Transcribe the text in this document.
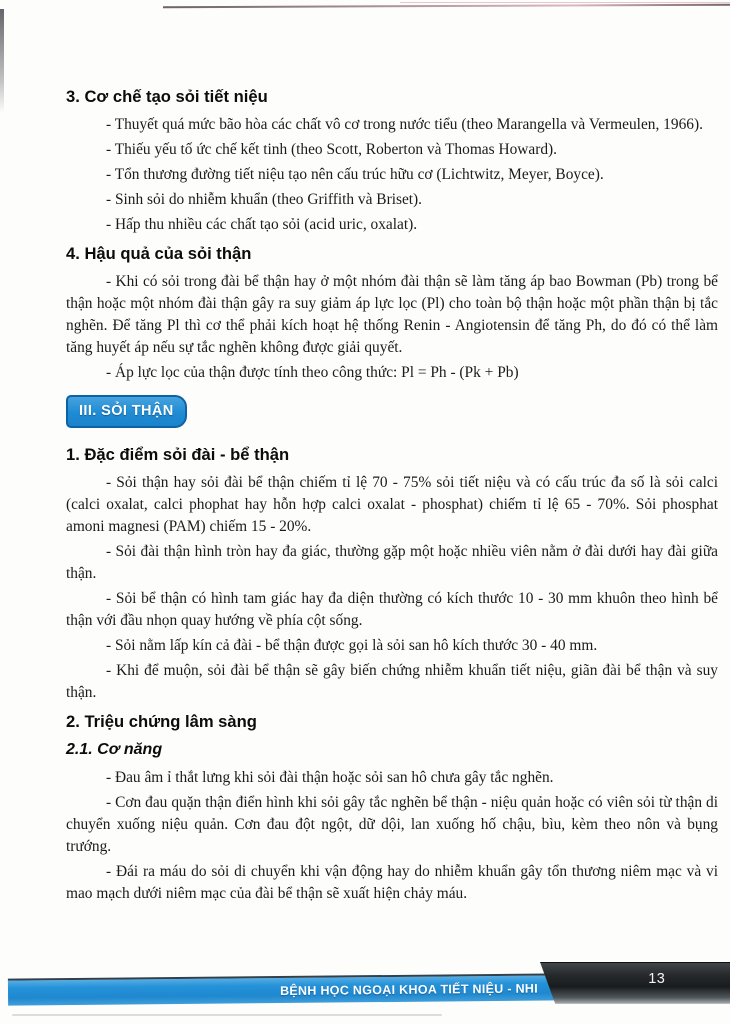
3. Cơ chế tạo sỏi tiết niệu

- Thuyết quá mức bão hòa các chất vô cơ trong nước tiểu (theo Marangella và Vermeulen, 1966).

- Thiếu yếu tố ức chế kết tinh (theo Scott, Roberton và Thomas Howard).

- Tổn thương đường tiết niệu tạo nên cấu trúc hữu cơ (Lichtwitz, Meyer, Boyce).

- Sinh sỏi do nhiễm khuẩn (theo Griffith và Briset).

- Hấp thu nhiều các chất tạo sỏi (acid uric, oxalat).

4. Hậu quả của sỏi thận

- Khi có sỏi trong đài bể thận hay ở một nhóm đài thận sẽ làm tăng áp bao Bowman (Pb) trong bể thận hoặc một nhóm đài thận gây ra suy giảm áp lực lọc (Pl) cho toàn bộ thận hoặc một phần thận bị tắc nghẽn. Để tăng Pl thì cơ thể phải kích hoạt hệ thống Renin - Angiotensin để tăng Ph, do đó có thể làm tăng huyết áp nếu sự tắc nghẽn không được giải quyết.

- Áp lực lọc của thận được tính theo công thức: Pl = Ph - (Pk + Pb)

III. SỎI THẬN
1. Đặc điểm sỏi đài - bể thận

- Sỏi thận hay sỏi đài bể thận chiếm tỉ lệ 70 - 75% sỏi tiết niệu và có cấu trúc đa số là sỏi calci (calci oxalat, calci phophat hay hỗn hợp calci oxalat - phosphat) chiếm tỉ lệ 65 - 70%. Sỏi phosphat amoni magnesi (PAM) chiếm 15 - 20%.

- Sỏi đài thận hình tròn hay đa giác, thường gặp một hoặc nhiều viên nằm ở đài dưới hay đài giữa thận.

- Sỏi bể thận có hình tam giác hay đa diện thường có kích thước 10 - 30 mm khuôn theo hình bể thận với đầu nhọn quay hướng về phía cột sống.

- Sỏi nằm lấp kín cả đài - bể thận được gọi là sỏi san hô kích thước 30 - 40 mm.

- Khi để muộn, sỏi đài bể thận sẽ gây biến chứng nhiễm khuẩn tiết niệu, giãn đài bể thận và suy thận.

2. Triệu chứng lâm sàng
2.1. Cơ năng

- Đau âm ỉ thắt lưng khi sỏi đài thận hoặc sỏi san hô chưa gây tắc nghẽn.

- Cơn đau quặn thận điển hình khi sỏi gây tắc nghẽn bể thận - niệu quản hoặc có viên sỏi từ thận di chuyển xuống niệu quản. Cơn đau đột ngột, dữ dội, lan xuống hố chậu, bìu, kèm theo nôn và bụng trướng.

- Đái ra máu do sỏi di chuyển khi vận động hay do nhiễm khuẩn gây tổn thương niêm mạc và vi mao mạch dưới niêm mạc của đài bể thận sẽ xuất hiện chảy máu.

BỆNH HỌC NGOẠI KHOA TIẾT NIỆU - NHI
13
